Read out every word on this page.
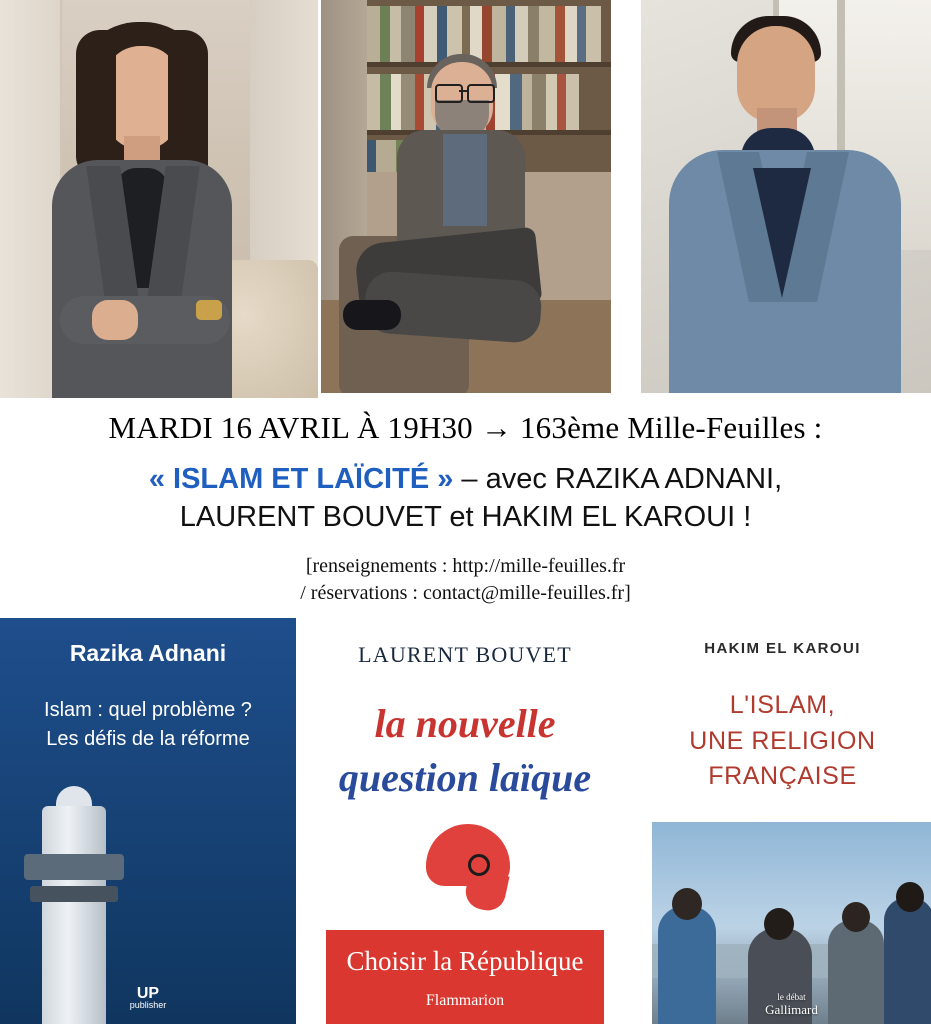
MARDI 16 AVRIL À 19H30 → 163ème Mille-Feuilles :
« ISLAM ET LAÏCITÉ » – avec RAZIKA ADNANI,
LAURENT BOUVET et HAKIM EL KAROUI !
[renseignements : http://mille-feuilles.fr
/ réservations : contact@mille-feuilles.fr]
Razika Adnani
Islam : quel problème ?
Les défis de la réforme
UP
publisher
LAURENT BOUVET
la nouvelle
question laïque
Choisir la République
Flammarion
HAKIM EL KAROUI
L'ISLAM,
UNE RELIGION
FRANÇAISE
le débat
Gallimard
